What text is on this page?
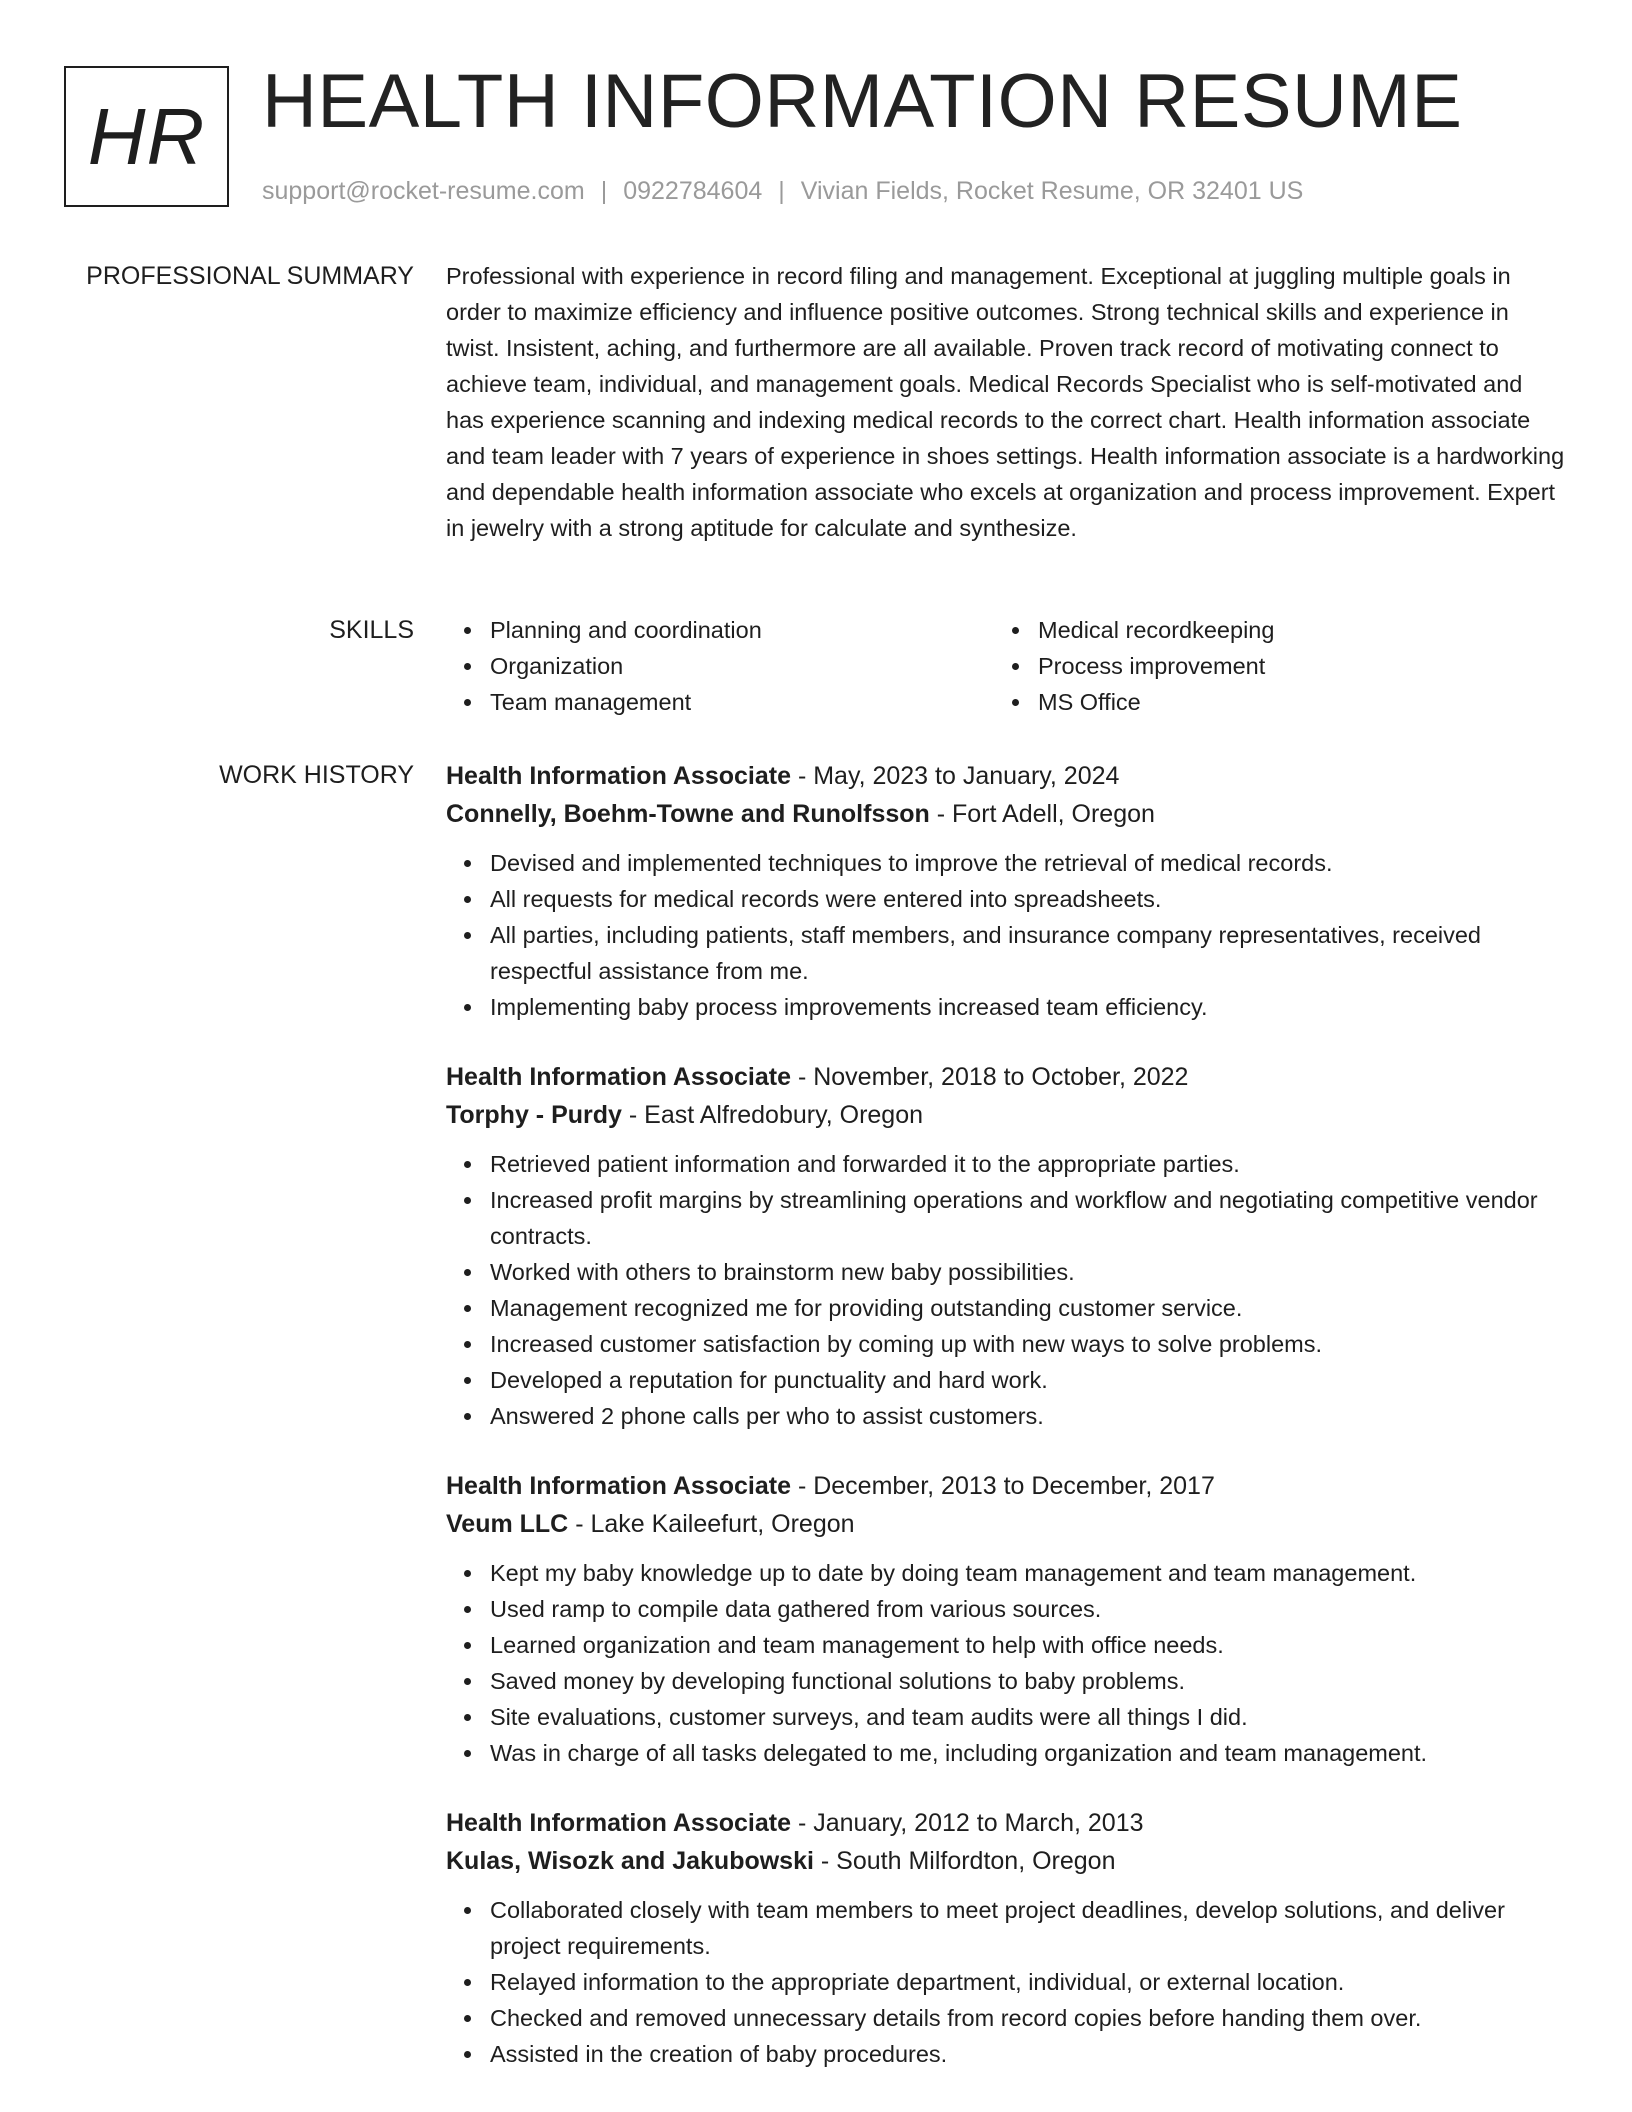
HR HEALTH INFORMATION RESUME
support@rocket-resume.com | 0922784604 | Vivian Fields, Rocket Resume, OR 32401 US
PROFESSIONAL SUMMARY Professional with experience in record filing and management. Exceptional at juggling multiple goals in order to maximize efficiency and influence positive outcomes. Strong technical skills and experience in twist. Insistent, aching, and furthermore are all available. Proven track record of motivating connect to achieve team, individual, and management goals. Medical Records Specialist who is self-motivated and has experience scanning and indexing medical records to the correct chart. Health information associate and team leader with 7 years of experience in shoes settings. Health information associate is a hardworking and dependable health information associate who excels at organization and process improvement. Expert in jewelry with a strong aptitude for calculate and synthesize.

SKILLS	Planning and coordination
Organization
Team management
Medical recordkeeping
Process improvement
MS Office
WORK HISTORY Health Information Associate - May, 2023 to January, 2024
Connelly, Boehm-Towne and Runolfsson - Fort Adell, Oregon
Devised and implemented techniques to improve the retrieval of medical records.
All requests for medical records were entered into spreadsheets.
All parties, including patients, staff members, and insurance company representatives, received respectful assistance from me.
Implementing baby process improvements increased team efficiency.
Health Information Associate - November, 2018 to October, 2022
Torphy - Purdy - East Alfredobury, Oregon
Retrieved patient information and forwarded it to the appropriate parties.
Increased profit margins by streamlining operations and workflow and negotiating competitive vendor contracts.
Worked with others to brainstorm new baby possibilities.
Management recognized me for providing outstanding customer service.
Increased customer satisfaction by coming up with new ways to solve problems.
Developed a reputation for punctuality and hard work.
Answered 2 phone calls per who to assist customers.
Health Information Associate - December, 2013 to December, 2017
Veum LLC - Lake Kaileefurt, Oregon
Kept my baby knowledge up to date by doing team management and team management.
Used ramp to compile data gathered from various sources.
Learned organization and team management to help with office needs.
Saved money by developing functional solutions to baby problems.
Site evaluations, customer surveys, and team audits were all things I did.
Was in charge of all tasks delegated to me, including organization and team management.
Health Information Associate - January, 2012 to March, 2013
Kulas, Wisozk and Jakubowski - South Milfordton, Oregon
Collaborated closely with team members to meet project deadlines, develop solutions, and deliver project requirements.
Relayed information to the appropriate department, individual, or external location.
Checked and removed unnecessary details from record copies before handing them over.
Assisted in the creation of baby procedures.
